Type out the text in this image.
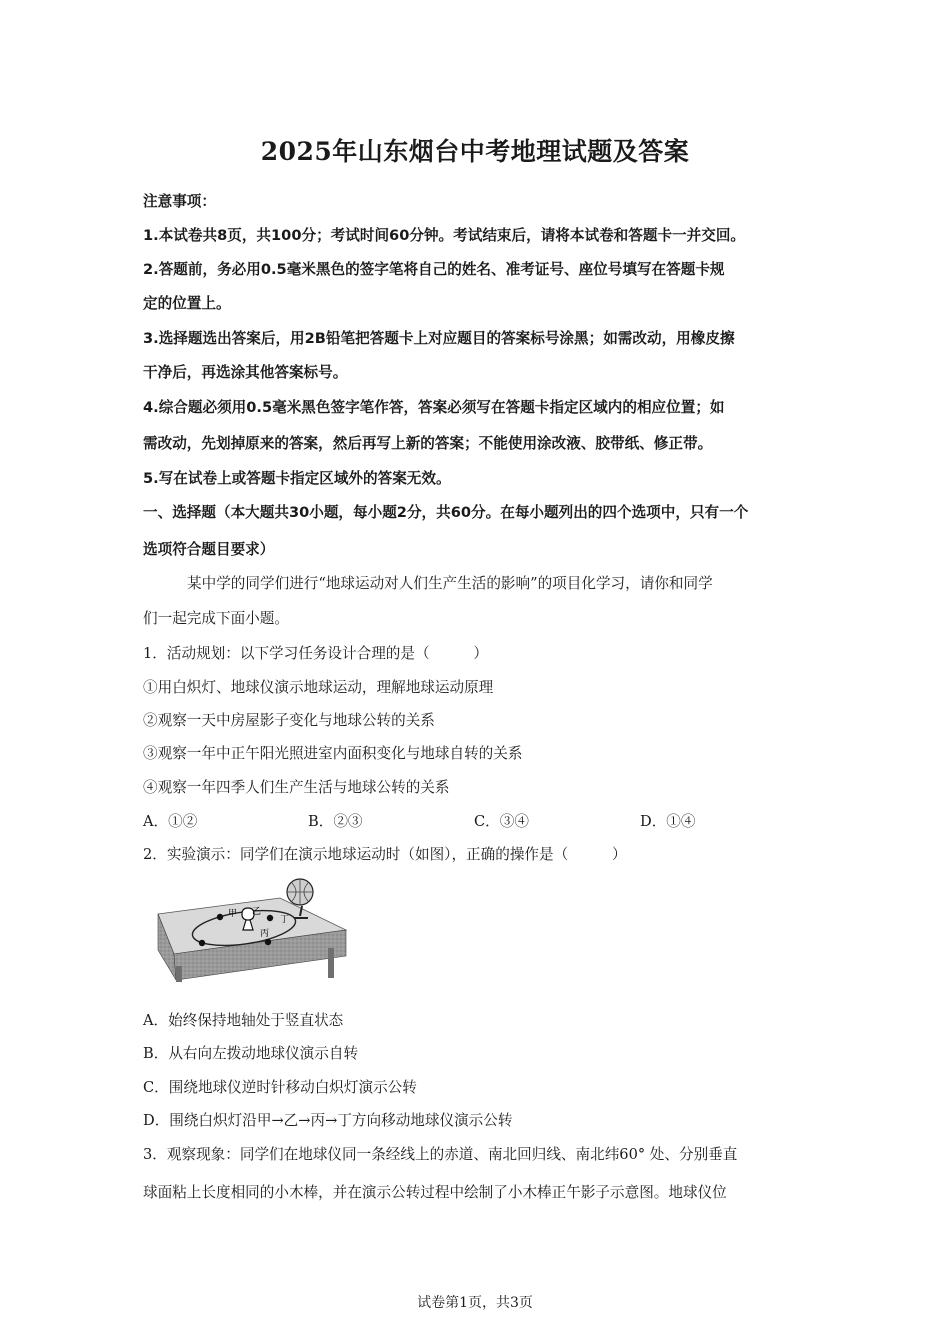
2025年山东烟台中考地理试题及答案
注意事项：
1.本试卷共8页，共100分；考试时间60分钟。考试结束后，请将本试卷和答题卡一并交回。
2.答题前，务必用0.5毫米黑色的签字笔将自己的姓名、准考证号、座位号填写在答题卡规
定的位置上。
3.选择题选出答案后，用2B铅笔把答题卡上对应题目的答案标号涂黑；如需改动，用橡皮擦
干净后，再选涂其他答案标号。
4.综合题必须用0.5毫米黑色签字笔作答，答案必须写在答题卡指定区域内的相应位置；如
需改动，先划掉原来的答案，然后再写上新的答案；不能使用涂改液、胶带纸、修正带。
5.写在试卷上或答题卡指定区域外的答案无效。
一、选择题（本大题共30小题，每小题2分，共60分。在每小题列出的四个选项中，只有一个
选项符合题目要求）
某中学的同学们进行“地球运动对人们生产生活的影响”的项目化学习，请你和同学
们一起完成下面小题。
1．活动规划：以下学习任务设计合理的是（　　　）
①用白炽灯、地球仪演示地球运动，理解地球运动原理
②观察一天中房屋影子变化与地球公转的关系
③观察一年中正午阳光照进室内面积变化与地球自转的关系
④观察一年四季人们生产生活与地球公转的关系
A．①②	B．②③	C．③④	D．①④
2．实验演示：同学们在演示地球运动时（如图），正确的操作是（　　　）
甲 乙
丙
丁
A．始终保持地轴处于竖直状态
B．从右向左拨动地球仪演示自转
C．围绕地球仪逆时针移动白炽灯演示公转
D．围绕白炽灯沿甲→乙→丙→丁方向移动地球仪演示公转
3．观察现象：同学们在地球仪同一条经线上的赤道、南北回归线、南北纬60° 处、分别垂直
球面粘上长度相同的小木棒，并在演示公转过程中绘制了小木棒正午影子示意图。地球仪位
试卷第1页，共3页
